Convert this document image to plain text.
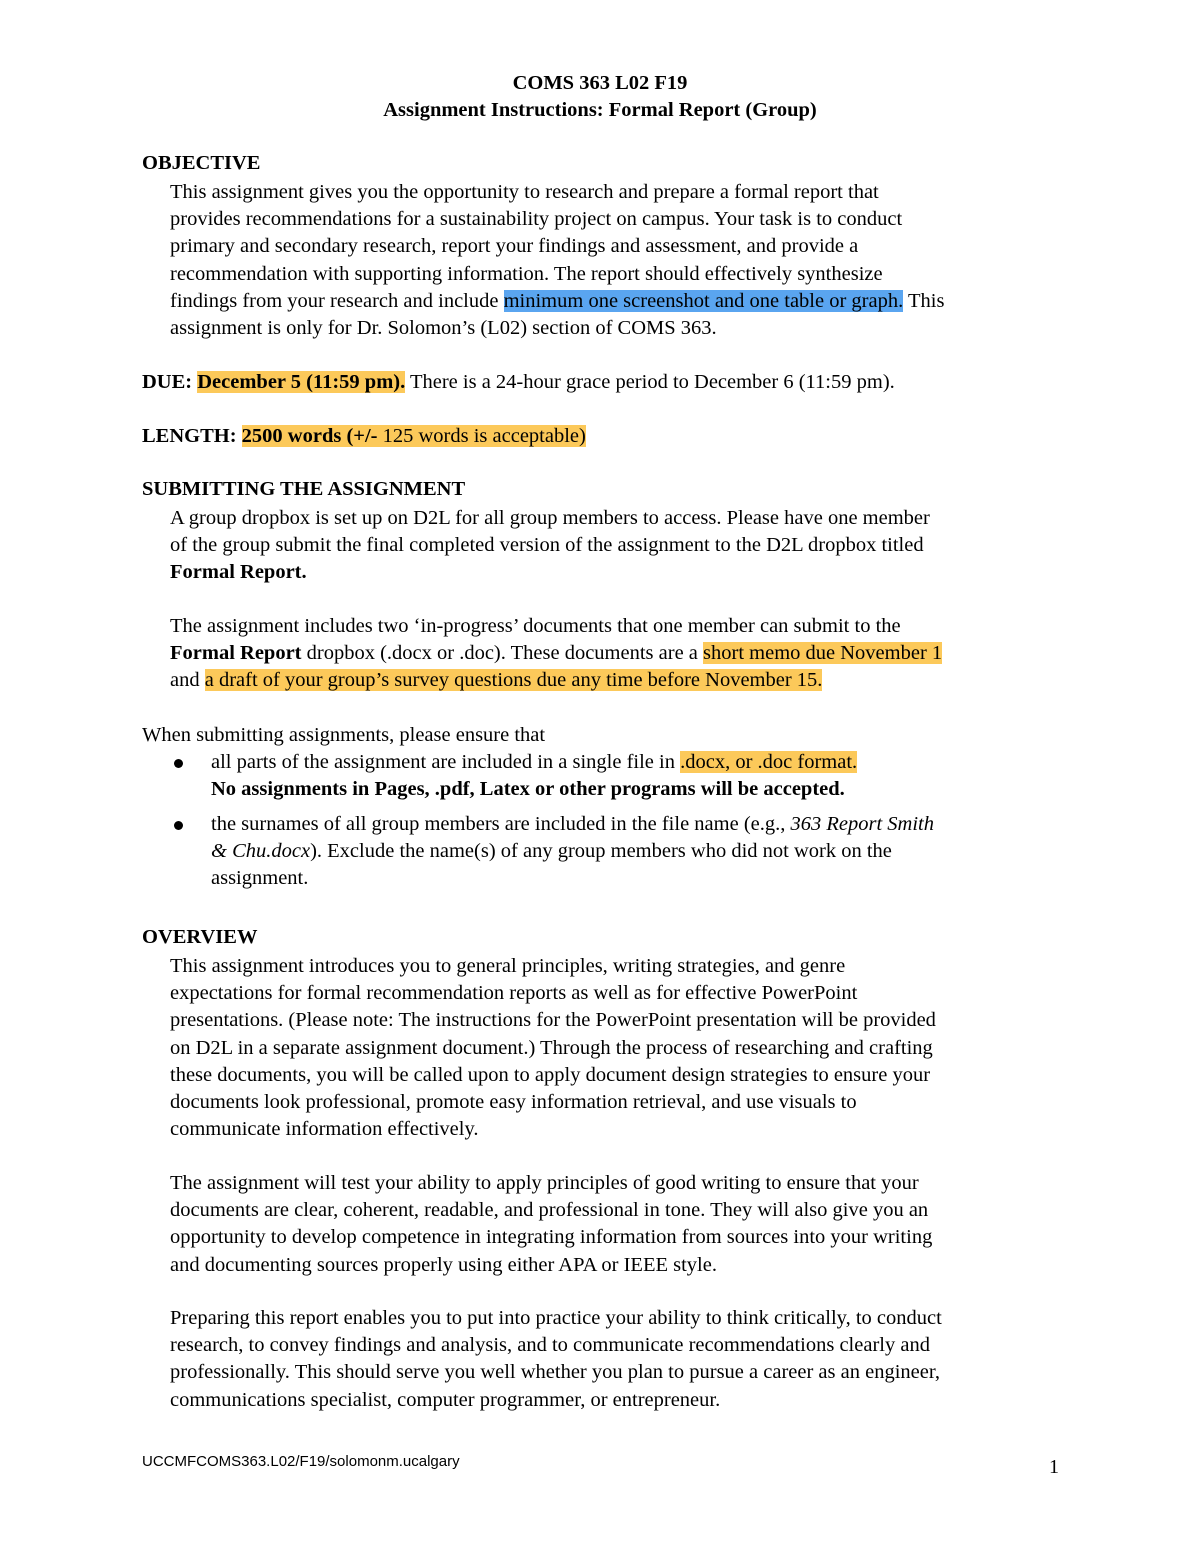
COMS 363 L02 F19
Assignment Instructions: Formal Report (Group)
OBJECTIVE
This assignment gives you the opportunity to research and prepare a formal report that
provides recommendations for a sustainability project on campus. Your task is to conduct
primary and secondary research, report your findings and assessment, and provide a
recommendation with supporting information. The report should effectively synthesize
findings from your research and include minimum one screenshot and one table or graph. This
assignment is only for Dr. Solomon’s (L02) section of COMS 363.
DUE: December 5 (11:59 pm). There is a 24-hour grace period to December 6 (11:59 pm).
LENGTH: 2500 words (+/- 125 words is acceptable)
SUBMITTING THE ASSIGNMENT
A group dropbox is set up on D2L for all group members to access. Please have one member
of the group submit the final completed version of the assignment to the D2L dropbox titled
Formal Report.
The assignment includes two ‘in-progress’ documents that one member can submit to the
Formal Report dropbox (.docx or .doc). These documents are a short memo due November 1
and a draft of your group’s survey questions due any time before November 15.
When submitting assignments, please ensure that
all parts of the assignment are included in a single file in .docx, or .doc format.
No assignments in Pages, .pdf, Latex or other programs will be accepted.
the surnames of all group members are included in the file name (e.g., 363 Report Smith
& Chu.docx). Exclude the name(s) of any group members who did not work on the
assignment.
OVERVIEW
This assignment introduces you to general principles, writing strategies, and genre
expectations for formal recommendation reports as well as for effective PowerPoint
presentations. (Please note: The instructions for the PowerPoint presentation will be provided
on D2L in a separate assignment document.) Through the process of researching and crafting
these documents, you will be called upon to apply document design strategies to ensure your
documents look professional, promote easy information retrieval, and use visuals to
communicate information effectively.
The assignment will test your ability to apply principles of good writing to ensure that your
documents are clear, coherent, readable, and professional in tone. They will also give you an
opportunity to develop competence in integrating information from sources into your writing
and documenting sources properly using either APA or IEEE style.
Preparing this report enables you to put into practice your ability to think critically, to conduct
research, to convey findings and analysis, and to communicate recommendations clearly and
professionally. This should serve you well whether you plan to pursue a career as an engineer,
communications specialist, computer programmer, or entrepreneur.
UCCMFCOMS363.L02/F19/solomonm.ucalgary	1
